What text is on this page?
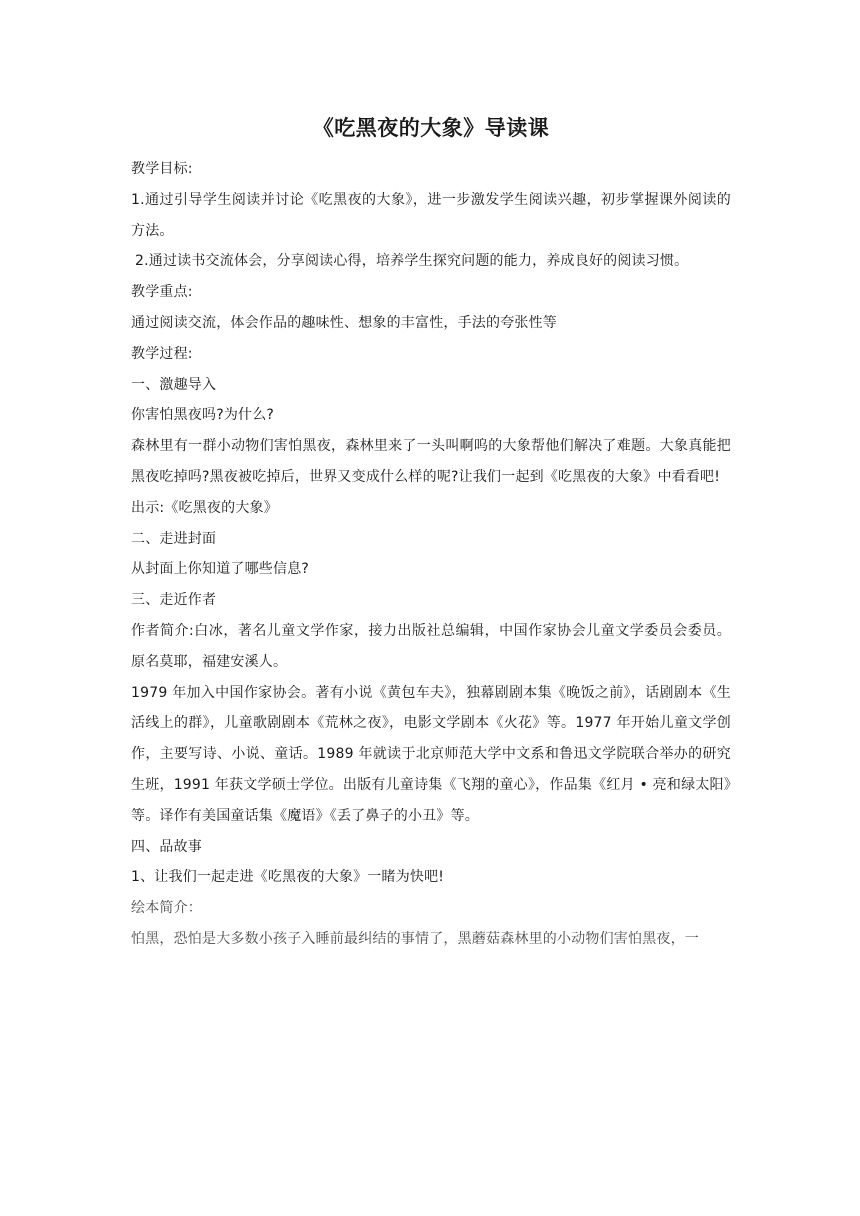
《吃黑夜的大象》导读课

教学目标:

1.通过引导学生阅读并讨论《吃黑夜的大象》，进一步激发学生阅读兴趣，初步掌握课外阅读的方法。

2.通过读书交流体会，分享阅读心得，培养学生探究问题的能力，养成良好的阅读习惯。

教学重点:

通过阅读交流，体会作品的趣味性、想象的丰富性，手法的夸张性等

教学过程:

一、激趣导入

你害怕黑夜吗?为什么?

森林里有一群小动物们害怕黑夜，森林里来了一头叫啊呜的大象帮他们解决了难题。大象真能把黑夜吃掉吗?黑夜被吃掉后，世界又变成什么样的呢?让我们一起到《吃黑夜的大象》中看看吧!

出示:《吃黑夜的大象》

二、走进封面

从封面上你知道了哪些信息?

三、走近作者

作者简介:白冰，著名儿童文学作家，接力出版社总编辑，中国作家协会儿童文学委员会委员。原名莫耶，福建安溪人。

1979 年加入中国作家协会。著有小说《黄包车夫》，独幕剧剧本集《晚饭之前》，话剧剧本《生活线上的群》，儿童歌剧剧本《荒林之夜》，电影文学剧本《火花》等。1977 年开始儿童文学创作，主要写诗、小说、童话。1989 年就读于北京师范大学中文系和鲁迅文学院联合举办的研究生班，1991 年获文学硕士学位。出版有儿童诗集《飞翔的童心》，作品集《红月 • 亮和绿太阳》等。译作有美国童话集《魔语》《丢了鼻子的小丑》等。

四、品故事

1、让我们一起走进《吃黑夜的大象》一睹为快吧!

绘本简介：

怕黑，恐怕是大多数小孩子入睡前最纠结的事情了，黑蘑菇森林里的小动物们害怕黑夜，一
